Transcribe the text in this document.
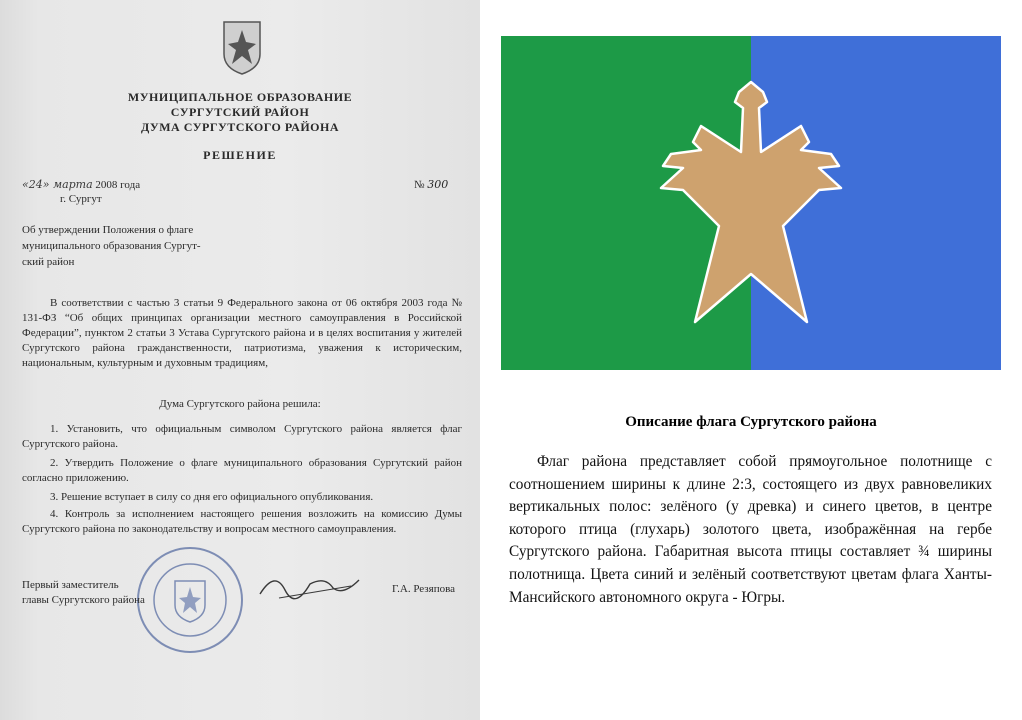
МУНИЦИПАЛЬНОЕ ОБРАЗОВАНИЕ
СУРГУТСКИЙ РАЙОН
ДУМА СУРГУТСКОГО РАЙОНА
РЕШЕНИЕ
«24» марта 2008 года	№ 300
г. Сургут
Об утверждении Положения о флаге
муниципального образования Сургут-
ский район
В соответствии с частью 3 статьи 9 Федерального закона от 06 октября 2003 года № 131-ФЗ “Об общих принципах организации местного самоуправления в Российской Федерации”, пунктом 2 статьи 3 Устава Сургутского района и в целях воспитания у жителей Сургутского района гражданственности, патриотизма, уважения к историческим, национальным, культурным и духовным традициям,
Дума Сургутского района решила:
1. Установить, что официальным символом Сургутского района является флаг Сургутского района.
2. Утвердить Положение о флаге муниципального образования Сургутский район согласно приложению.
3. Решение вступает в силу со дня его официального опубликования.
4. Контроль за исполнением настоящего решения возложить на комиссию Думы Сургутского района по законодательству и вопросам местного самоуправления.
Первый заместитель
главы Сургутского района
Г.А. Резяпова
Описание флага Сургутского района
Флаг района представляет собой прямоугольное полотнище с соотношением ширины к длине 2:3, состоящего из двух равновеликих вертикальных полос: зелёного (у древка) и синего цветов, в центре которого птица (глухарь) золотого цвета, изображённая на гербе Сургутского района. Габаритная высота птицы составляет ¾ ширины полотнища. Цвета синий и зелёный соответствуют цветам флага Ханты-Мансийского автономного округа - Югры.
